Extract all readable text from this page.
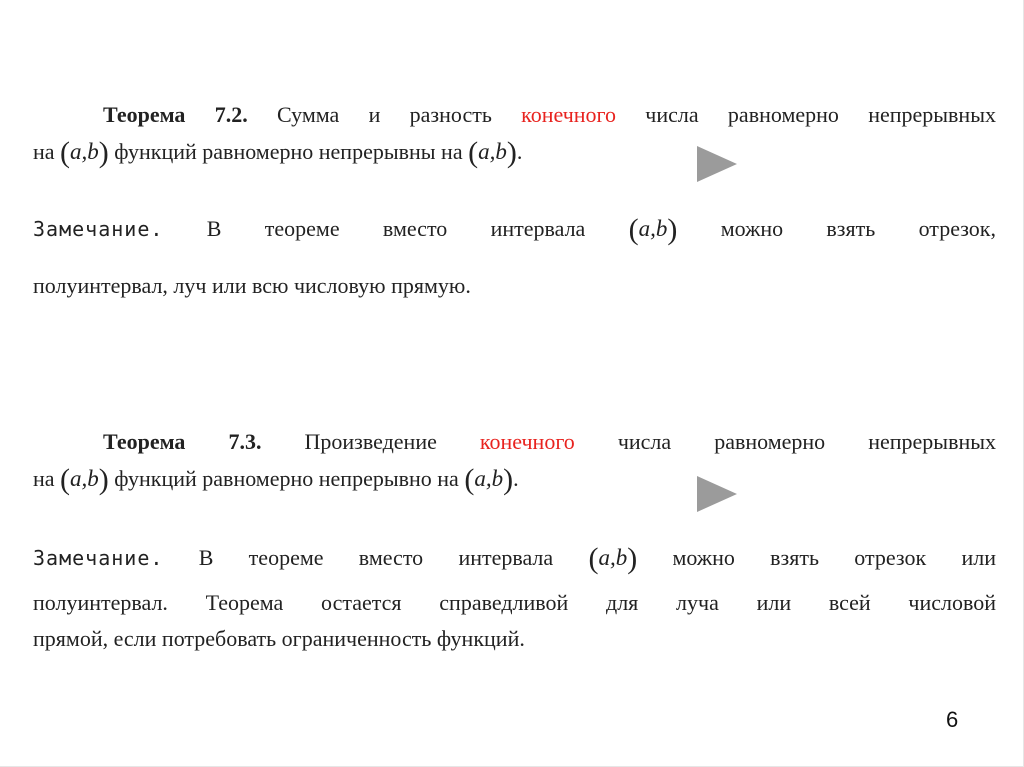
Теорема 7.2. Сумма и разность конечного числа равномерно непрерывных
на (a,b) функций равномерно непрерывны на (a,b).
Замечание. В теореме вместо интервала (a,b) можно взять отрезок,
полуинтервал, луч или всю числовую прямую.
Теорема 7.3. Произведение конечного числа равномерно непрерывных
на (a,b) функций равномерно непрерывно на (a,b).
Замечание. В теореме вместо интервала (a,b) можно взять отрезок или
полуинтервал. Теорема остается справедливой для луча или всей числовой
прямой, если потребовать ограниченность функций.
6
